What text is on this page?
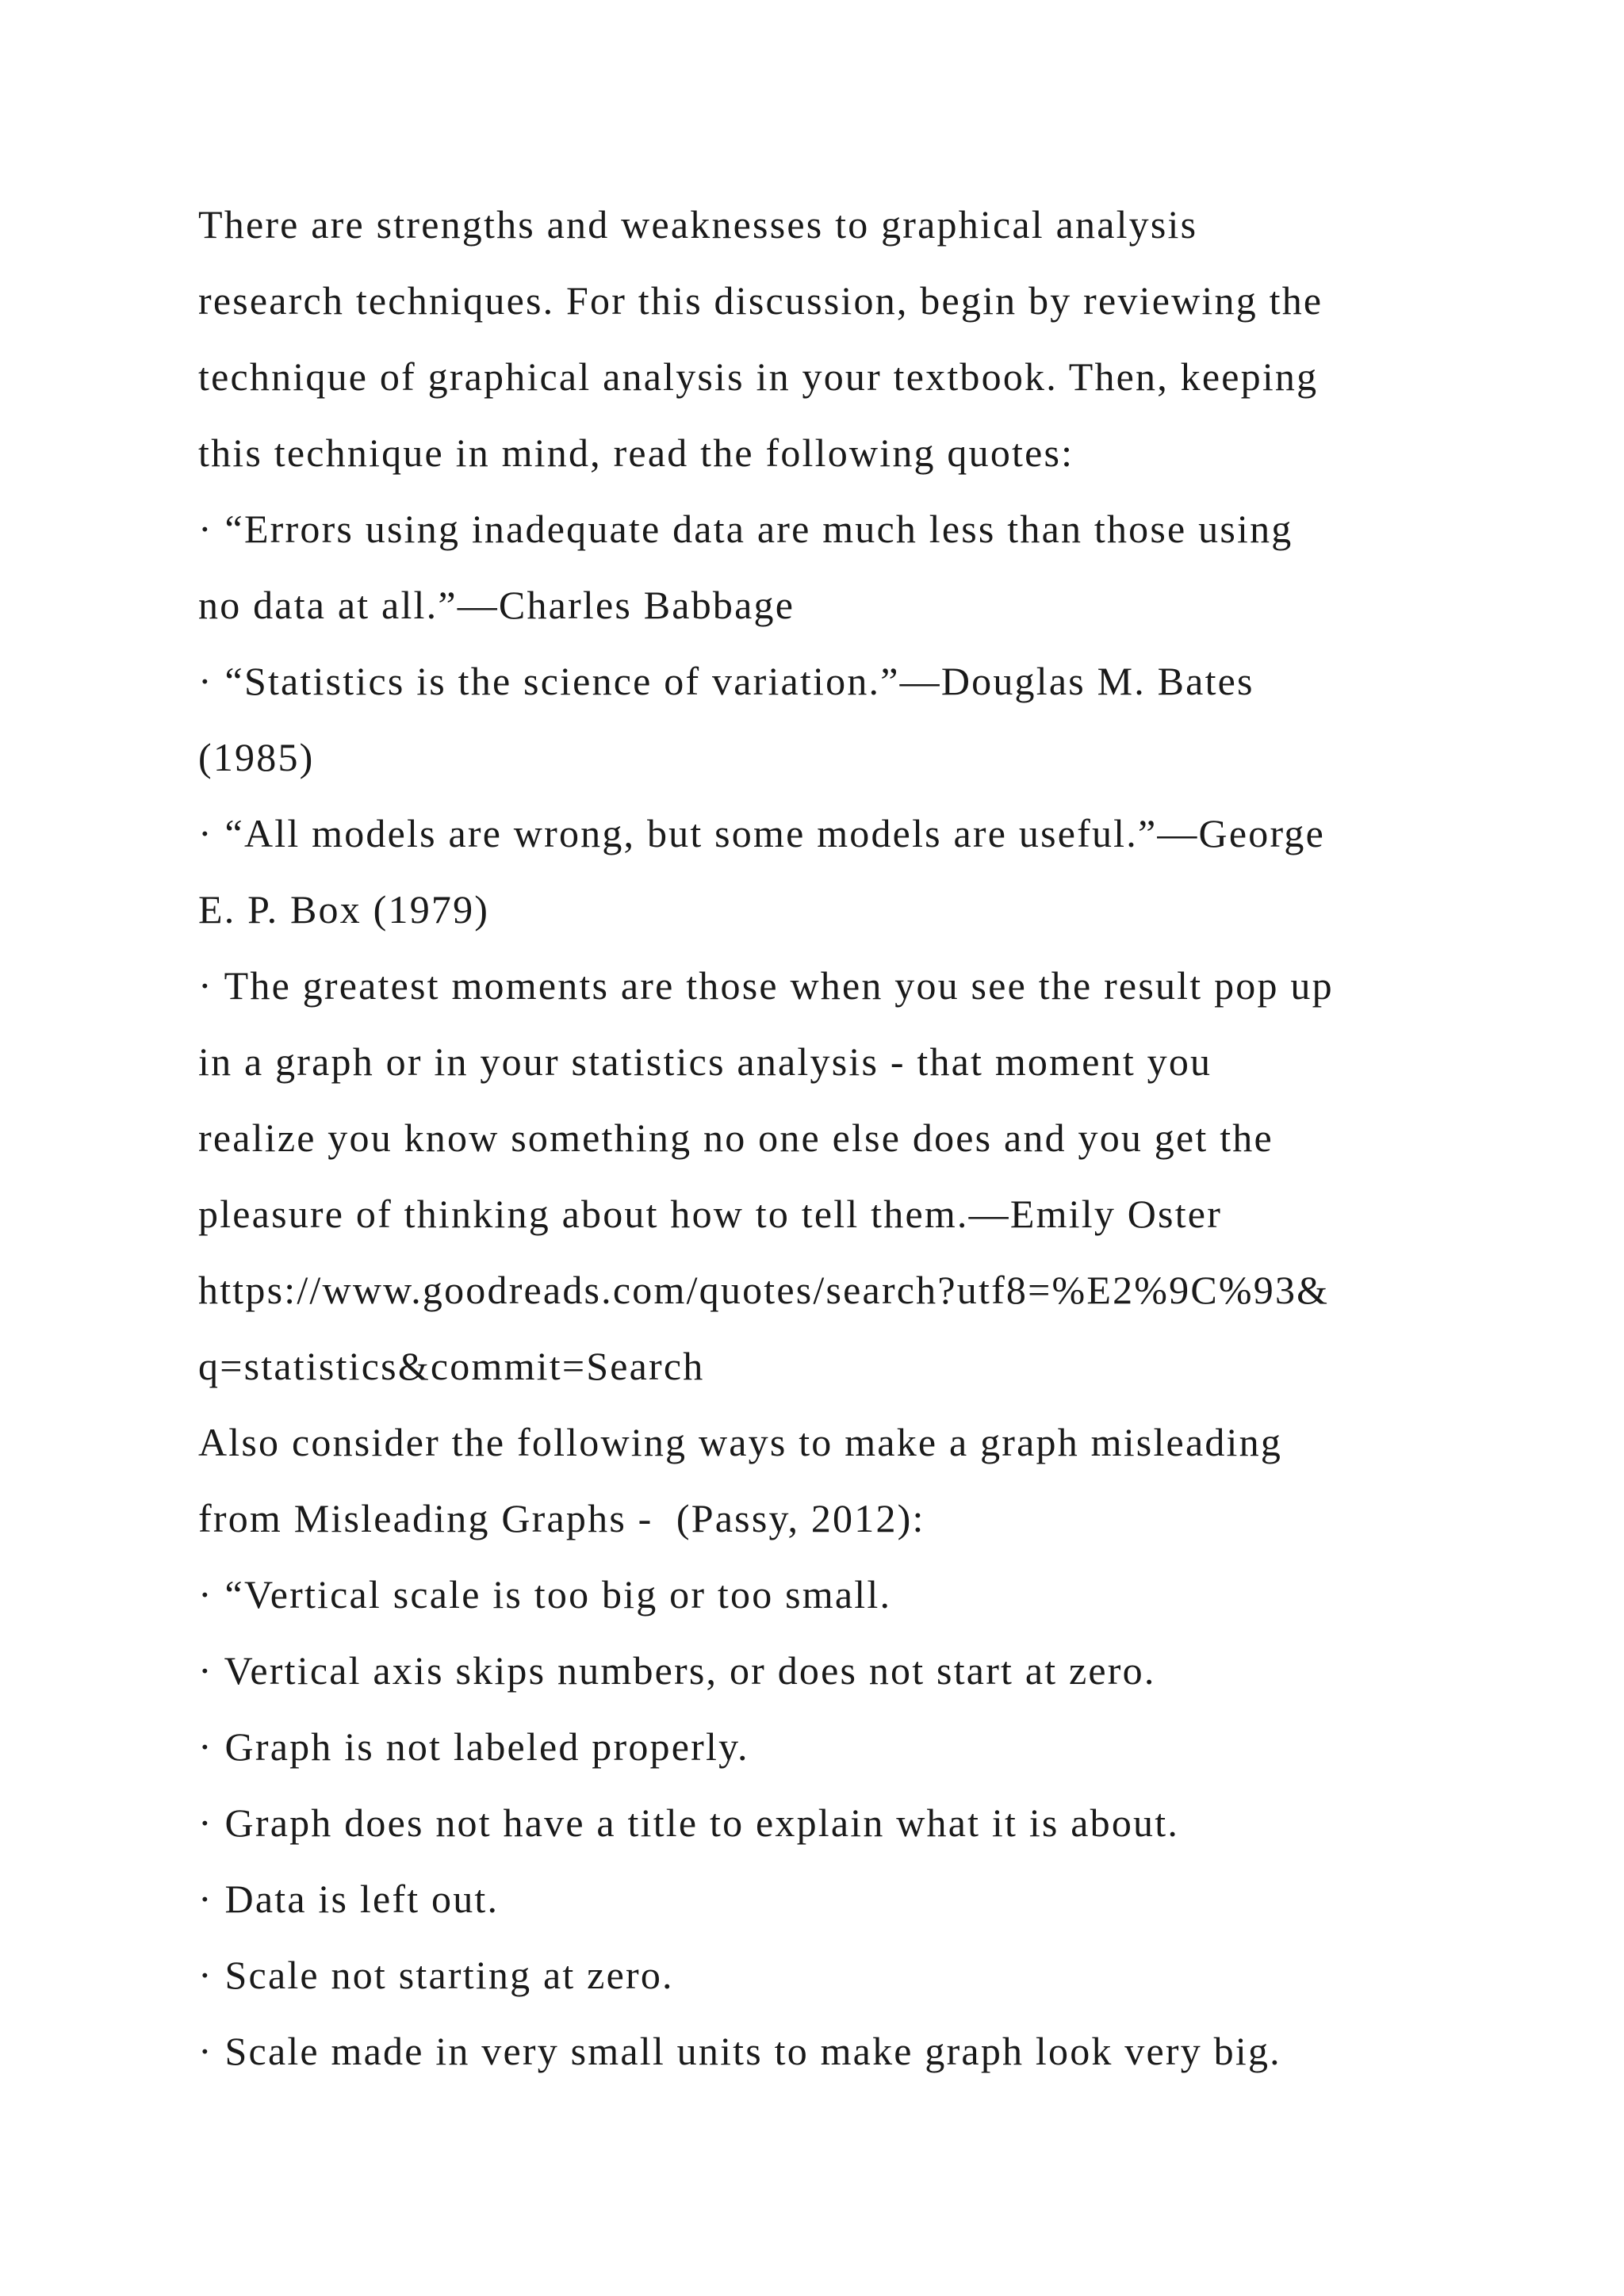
There are strengths and weaknesses to graphical analysis
research techniques. For this discussion, begin by reviewing the
technique of graphical analysis in your textbook. Then, keeping
this technique in mind, read the following quotes:
· “Errors using inadequate data are much less than those using
no data at all.”—Charles Babbage
· “Statistics is the science of variation.”—Douglas M. Bates
(1985)
· “All models are wrong, but some models are useful.”—George
E. P. Box (1979)
· The greatest moments are those when you see the result pop up
in a graph or in your statistics analysis - that moment you
realize you know something no one else does and you get the
pleasure of thinking about how to tell them.—Emily Oster
https://www.goodreads.com/quotes/search?utf8=%E2%9C%93&
q=statistics&commit=Search
Also consider the following ways to make a graph misleading
from Misleading Graphs -  (Passy, 2012):
· “Vertical scale is too big or too small.
· Vertical axis skips numbers, or does not start at zero.
· Graph is not labeled properly.
· Graph does not have a title to explain what it is about.
· Data is left out.
· Scale not starting at zero.
· Scale made in very small units to make graph look very big.
